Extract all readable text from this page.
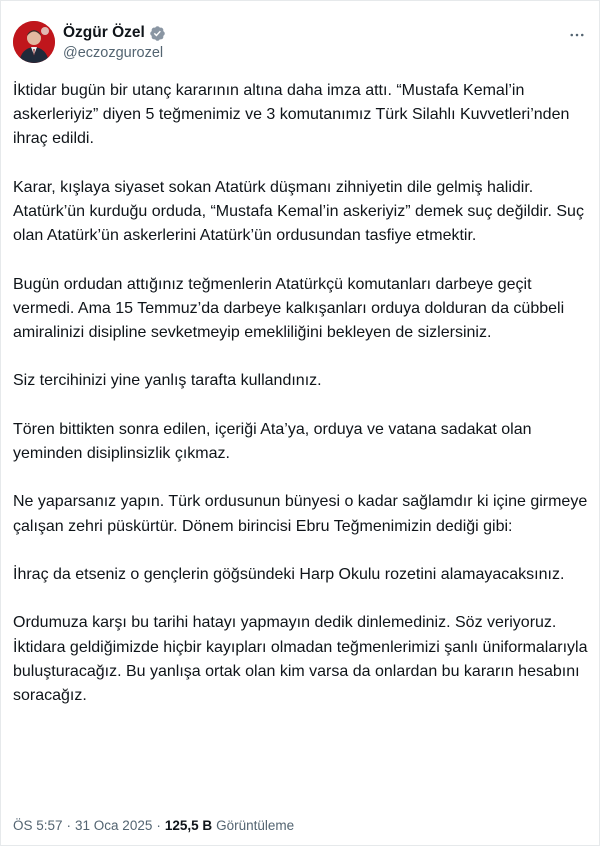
Özgür Özel
@eczozgurozel

İktidar bugün bir utanç kararının altına daha imza attı. “Mustafa Kemal’in askerleriyiz” diyen 5 teğmenimiz ve 3 komutanımız Türk Silahlı Kuvvetleri’nden ihraç edildi.

Karar, kışlaya siyaset sokan Atatürk düşmanı zihniyetin dile gelmiş halidir. Atatürk’ün kurduğu orduda, “Mustafa Kemal’in askeriyiz” demek suç değildir. Suç olan Atatürk’ün askerlerini Atatürk’ün ordusundan tasfiye etmektir.

Bugün ordudan attığınız teğmenlerin Atatürkçü komutanları darbeye geçit vermedi. Ama 15 Temmuz’da darbeye kalkışanları orduya dolduran da cübbeli amiralinizi disipline sevketmeyip emekliliğini bekleyen de sizlersiniz.

Siz tercihinizi yine yanlış tarafta kullandınız.

Tören bittikten sonra edilen, içeriği Ata’ya, orduya ve vatana sadakat olan yeminden disiplinsizlik çıkmaz.

Ne yaparsanız yapın. Türk ordusunun bünyesi o kadar sağlamdır ki içine girmeye çalışan zehri püskürtür. Dönem birincisi Ebru Teğmenimizin dediği gibi:

İhraç da etseniz o gençlerin göğsündeki Harp Okulu rozetini alamayacaksınız.

Ordumuza karşı bu tarihi hatayı yapmayın dedik dinlemediniz. Söz veriyoruz. İktidara geldiğimizde hiçbir kayıpları olmadan teğmenlerimizi şanlı üniformalarıyla buluşturacağız. Bu yanlışa ortak olan kim varsa da onlardan bu kararın hesabını soracağız.

ÖS 5:57 · 31 Oca 2025 · 125,5 B Görüntüleme
